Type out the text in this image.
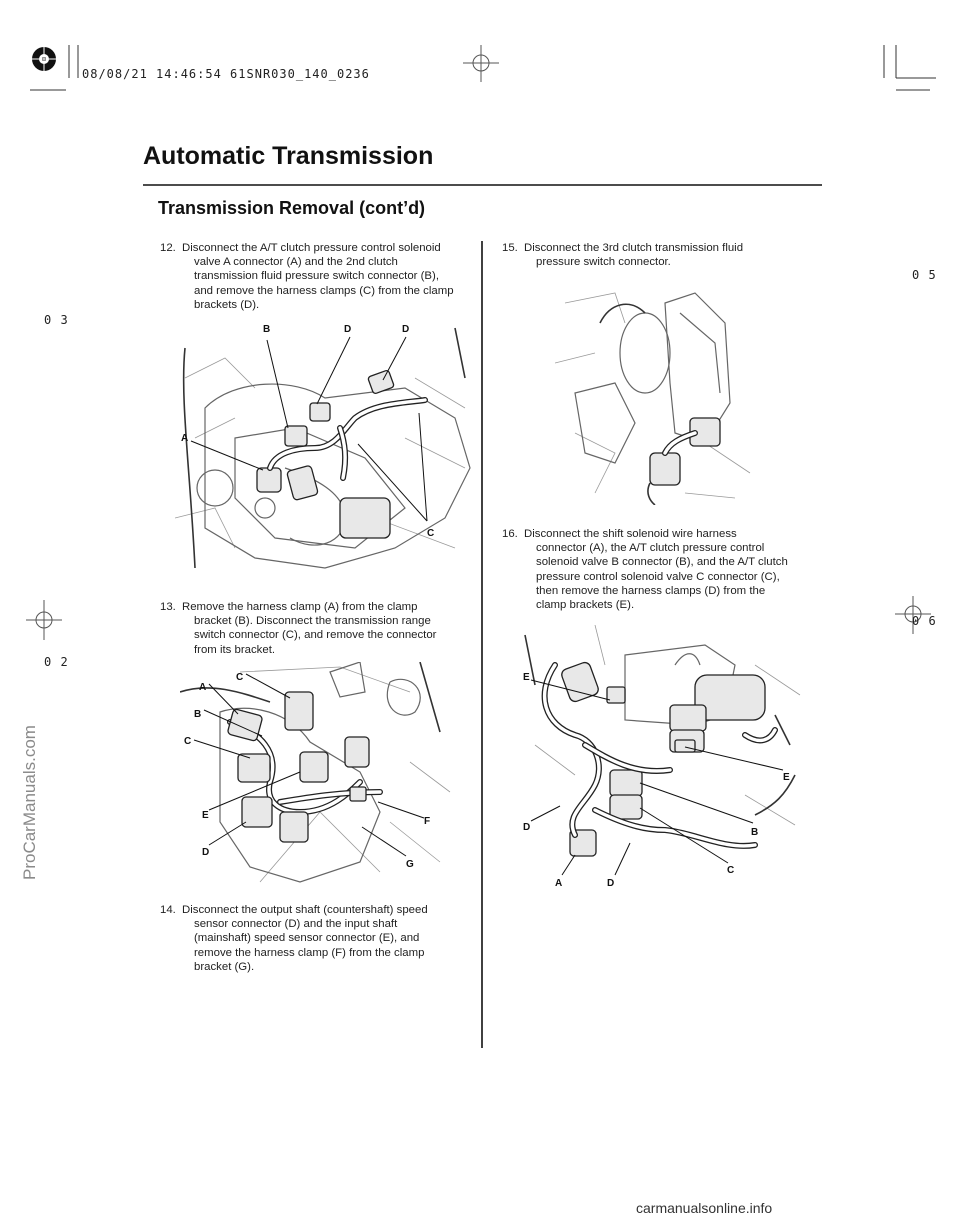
08/08/21 14:46:54 61SNR030_140_0236
0 3
0 2
0 5
0 6
Automatic Transmission
Transmission Removal (cont’d)
12. Disconnect the A/T clutch pressure control solenoid
valve A connector (A) and the 2nd clutch
transmission fluid pressure switch connector (B),
and remove the harness clamps (C) from the clamp
brackets (D).
B	D	D
A
C
13. Remove the harness clamp (A) from the clamp
bracket (B). Disconnect the transmission range
switch connector (C), and remove the connector
from its bracket.
A
C
B
C
E
F
D
G
14. Disconnect the output shaft (countershaft) speed
sensor connector (D) and the input shaft
(mainshaft) speed sensor connector (E), and
remove the harness clamp (F) from the clamp
bracket (G).
15. Disconnect the 3rd clutch transmission fluid
pressure switch connector.
16. Disconnect the shift solenoid wire harness
connector (A), the A/T clutch pressure control
solenoid valve B connector (B), and the A/T clutch
pressure control solenoid valve C connector (C),
then remove the harness clamps (D) from the
clamp brackets (E).
E
E
D	B
C
A	D
ProCarManuals.com
carmanualsonline.info
